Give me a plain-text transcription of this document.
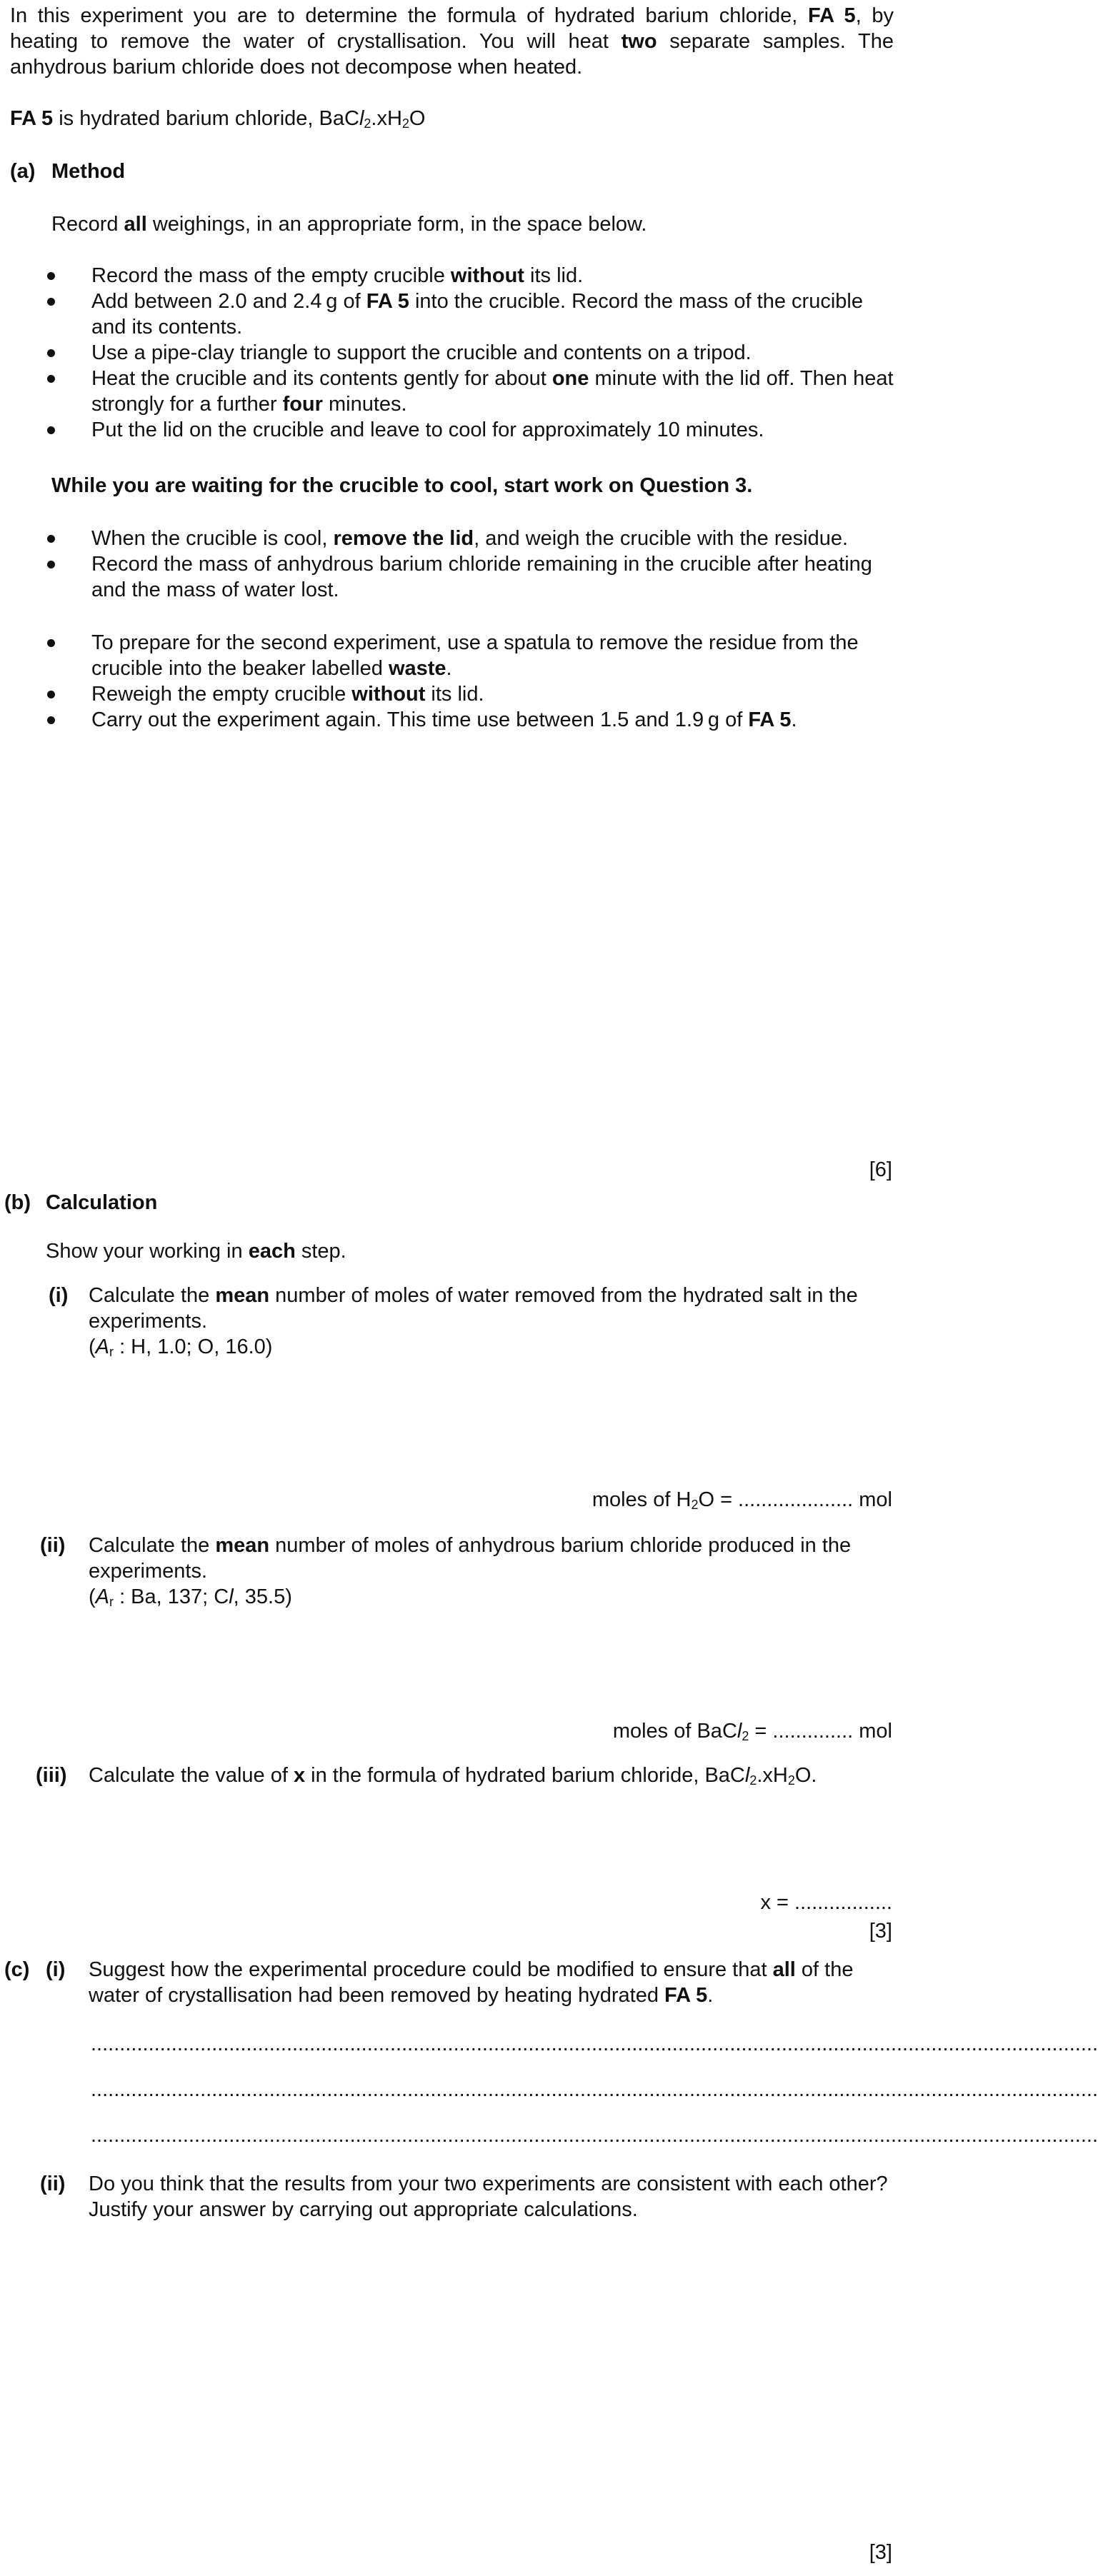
In this experiment you are to determine the formula of hydrated barium chloride, FA 5, by heating to remove the water of crystallisation. You will heat two separate samples. The anhydrous barium chloride does not decompose when heated.
FA 5 is hydrated barium chloride, $BaCl_2.xH_2O$
(a) Method
Record all weighings, in an appropriate form, in the space below.
Record the mass of the empty crucible without its lid.
Add between 2.0 and 2.4 g of FA 5 into the crucible. Record the mass of the crucible and its contents.
Use a pipe-clay triangle to support the crucible and contents on a tripod.
Heat the crucible and its contents gently for about one minute with the lid off. Then heat strongly for a further four minutes.
Put the lid on the crucible and leave to cool for approximately 10 minutes.
While you are waiting for the crucible to cool, start work on Question 3.
When the crucible is cool, remove the lid, and weigh the crucible with the residue.
Record the mass of anhydrous barium chloride remaining in the crucible after heating and the mass of water lost.
To prepare for the second experiment, use a spatula to remove the residue from the crucible into the beaker labelled waste.
Reweigh the empty crucible without its lid.
Carry out the experiment again. This time use between 1.5 and 1.9 g of FA 5.
[6]
(b) Calculation
Show your working in each step.
(i) Calculate the mean number of moles of water removed from the hydrated salt in the experiments.
($A_r$ : H, 1.0; O, 16.0)
moles of $H_2O$ = .................... mol
(ii) Calculate the mean number of moles of anhydrous barium chloride produced in the experiments.
($A_r$ : Ba, 137; Cl, 35.5)
moles of BaCl$_2$ = .............. mol
(iii) Calculate the value of x in the formula of hydrated barium chloride, $BaCl_2.xH_2O$.
x = .................
[3]
(c) (i) Suggest how the experimental procedure could be modified to ensure that all of the water of crystallisation had been removed by heating hydrated FA 5.
...............................................................................................................................................................................
...............................................................................................................................................................................
...............................................................................................................................................................................
(ii) Do you think that the results from your two experiments are consistent with each other?
Justify your answer by carrying out appropriate calculations.
[3]
